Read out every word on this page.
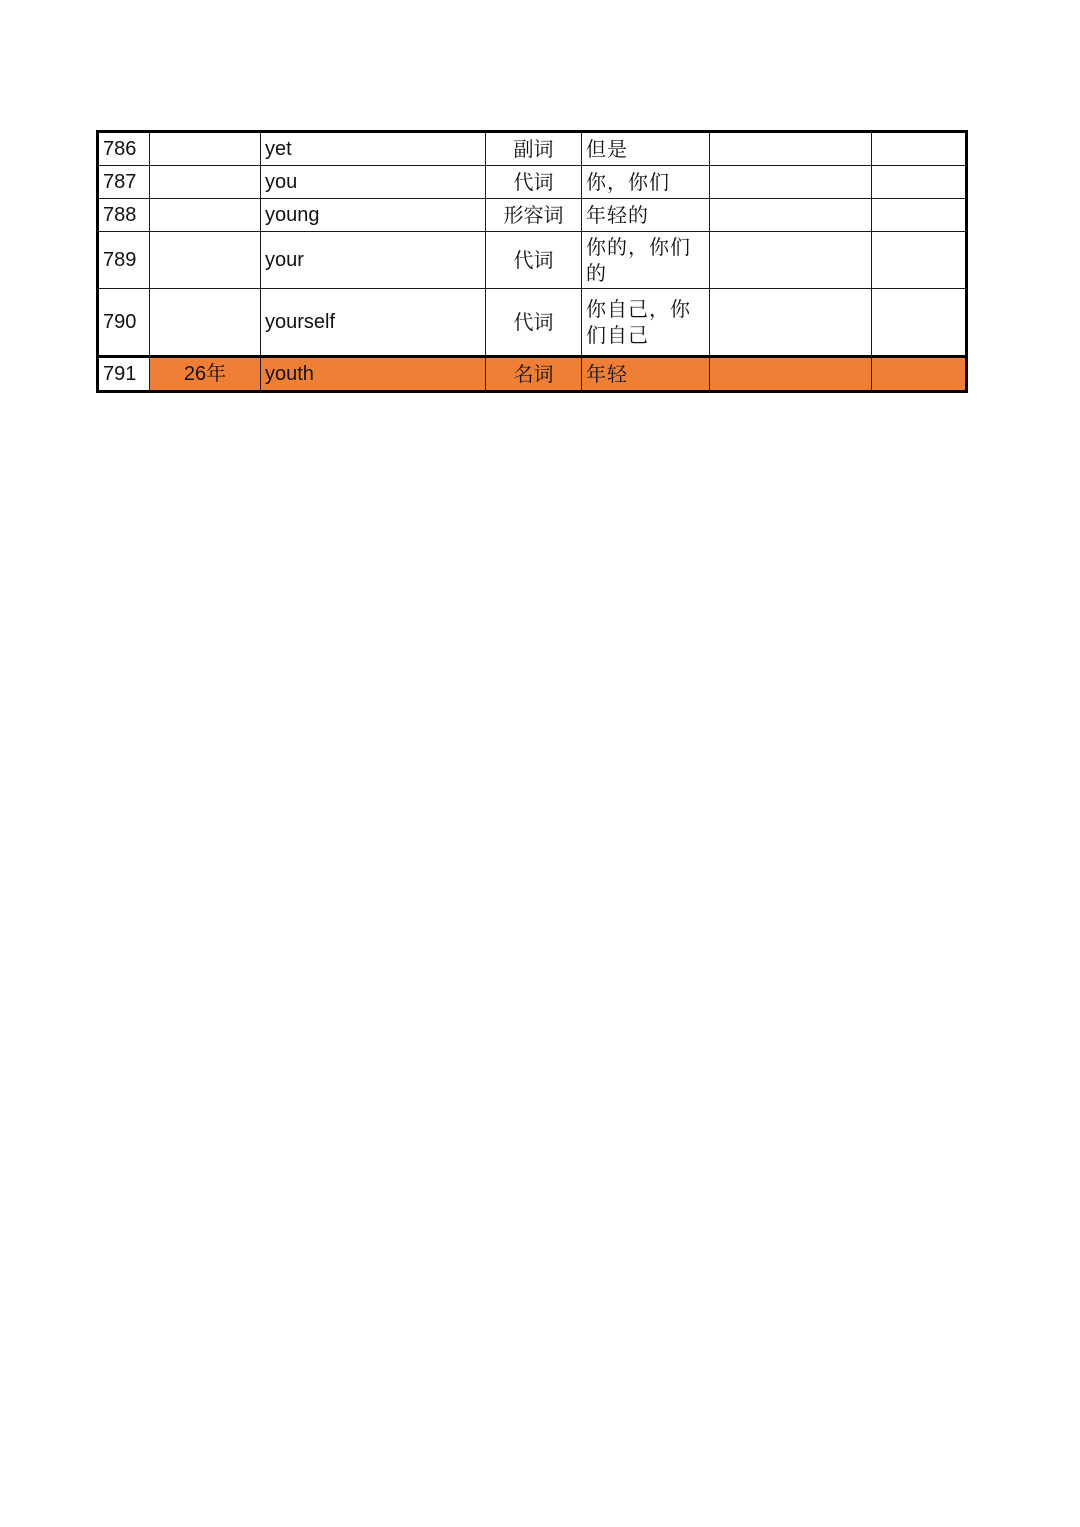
786		yet	副词	但是		
787		you	代词	你，你们		
788		young	形容词	年轻的		
789		your	代词	你的，你们的		
790		yourself	代词	你自己，你们自己		
791	26年	youth	名词	年轻		
